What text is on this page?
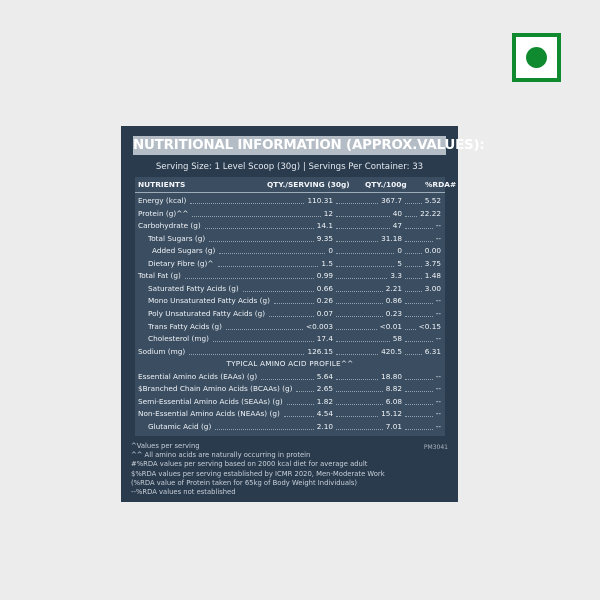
NUTRITIONAL INFORMATION (APPROX.VALUES):
Serving Size: 1 Level Scoop (30g) | Servings Per Container: 33
NUTRIENTS	QTY./SERVING (30g) QTY./100g %RDA#
Energy (kcal)	110.31	367.7	5.52
Protein (g)^^	12	40 22.22
Carbohydrate (g)	14.1	47	--
Total Sugars (g)	9.35	31.18	--
Added Sugars (g)	0	0	0.00
Dietary Fibre (g)^	1.5	5	3.75
Total Fat (g)	0.99	3.3	1.48
Saturated Fatty Acids (g)	0.66	2.21	3.00
Mono Unsaturated Fatty Acids (g)	0.26	0.86	--
Poly Unsaturated Fatty Acids (g)	0.07	0.23	--
Trans Fatty Acids (g)	<0.003	<0.01 <0.15
Cholesterol (mg)	17.4	58	--
Sodium (mg)	126.15	420.5	6.31
TYPICAL AMINO ACID PROFILE^^
Essential Amino Acids (EAAs) (g)	5.64	18.80	--
$Branched Chain Amino Acids (BCAAs) (g)	2.65	8.82	--
Semi-Essential Amino Acids (SEAAs) (g)	1.82	6.08	--
Non-Essential Amino Acids (NEAAs) (g)	4.54	15.12	--
Glutamic Acid (g)	2.10	7.01	--
PM3041
^Values per serving
^^ All amino acids are naturally occurring in protein
#%RDA values per serving based on 2000 kcal diet for average adult
$%RDA values per serving established by ICMR 2020, Men-Moderate Work
(%RDA value of Protein taken for 65kg of Body Weight Individuals)
--%RDA values not established
